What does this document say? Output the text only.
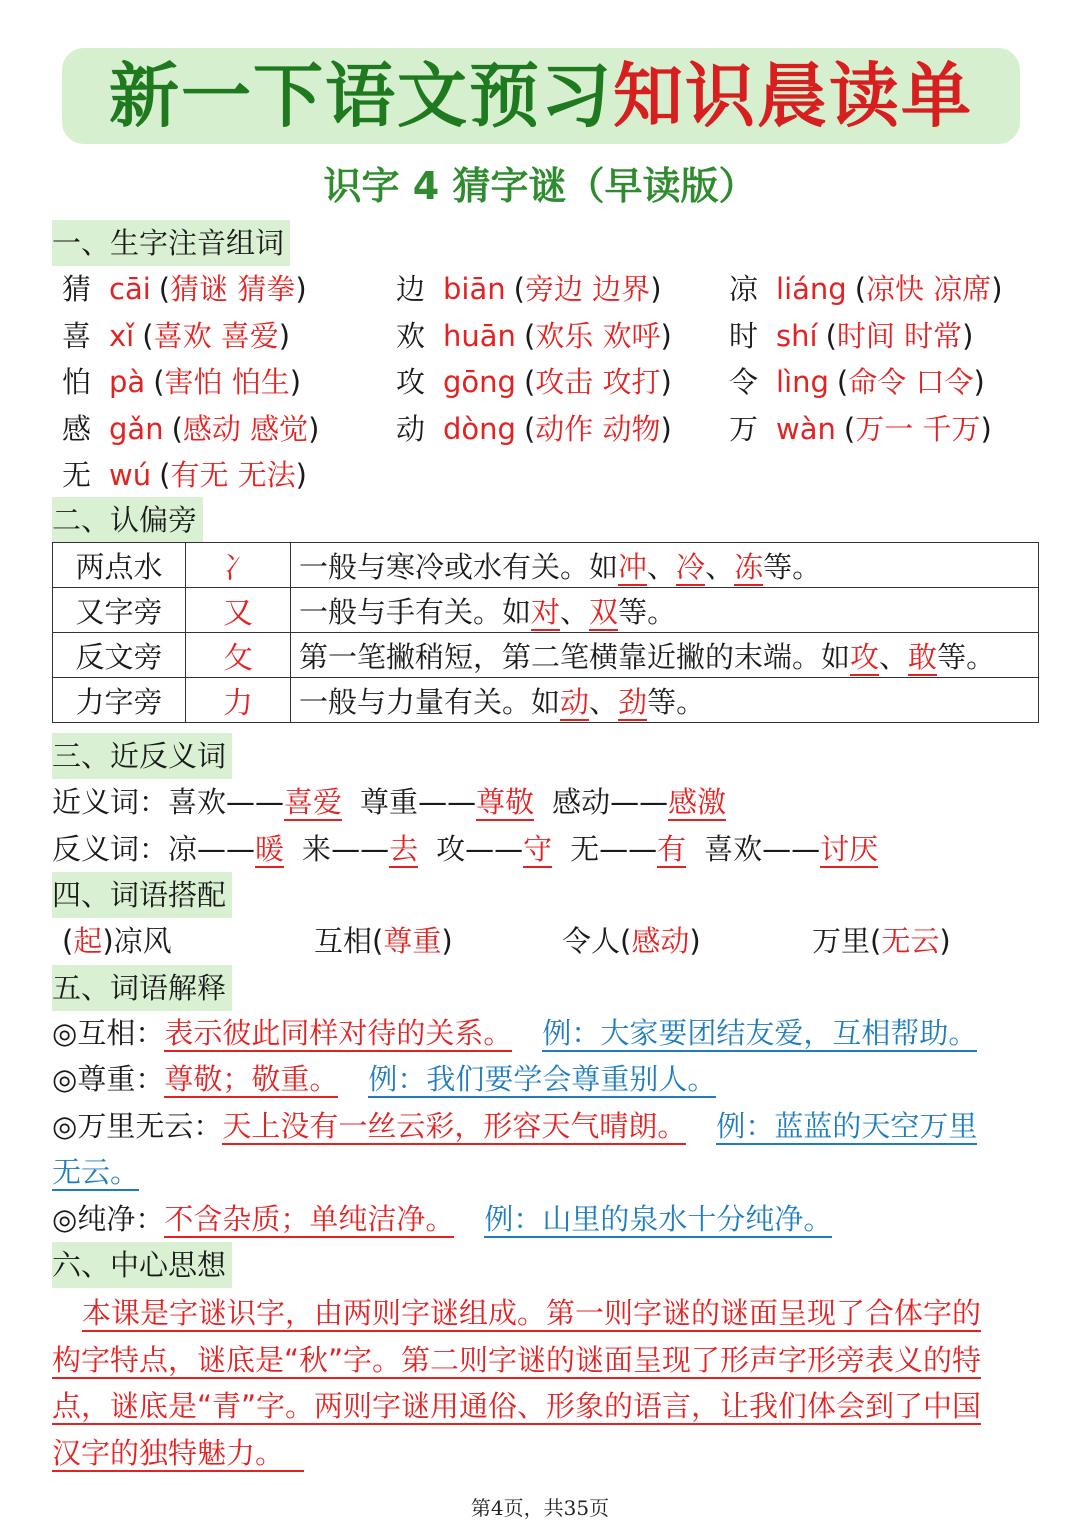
新一下语文预习知识晨读单
识字 4 猜字谜（早读版）
一、生字注音组词
猜 cāi (猜谜 猜拳)	边 biān (旁边 边界) 凉 liáng (凉快 凉席)
喜 xǐ (喜欢 喜爱)	欢 huān (欢乐 欢呼) 时 shí (时间 时常)
怕 pà (害怕 怕生)	攻 gōng (攻击 攻打) 令 lìng (命令 口令)
感 gǎn (感动 感觉)	动 dòng (动作 动物) 万 wàn (万一 千万)
无 wú (有无 无法)
二、认偏旁
两点水	冫	一般与寒冷或水有关。如冲、冷、冻等。
又字旁	又	一般与手有关。如对、双等。
反文旁	攵	第一笔撇稍短，第二笔横靠近撇的末端。如攻、敢等。
力字旁	力	一般与力量有关。如动、劲等。
三、近反义词
近义词：喜欢——喜爱 尊重——尊敬 感动——感激
反义词：凉——暖 来——去 攻——守 无——有 喜欢——讨厌
四、词语搭配
(起)凉风	互相(尊重)	令人(感动)	万里(无云)
五、词语解释
◎互相：表示彼此同样对待的关系。 例：大家要团结友爱，互相帮助。
◎尊重：尊敬；敬重。 例：我们要学会尊重别人。
◎万里无云：天上没有一丝云彩，形容天气晴朗。 例：蓝蓝的天空万里
无云。
◎纯净：不含杂质；单纯洁净。 例：山里的泉水十分纯净。
六、中心思想
本课是字谜识字，由两则字谜组成。第一则字谜的谜面呈现了合体字的
构字特点，谜底是“秋”字。第二则字谜的谜面呈现了形声字形旁表义的特
点，谜底是“青”字。两则字谜用通俗、形象的语言，让我们体会到了中国
汉字的独特魅力。
第4页，共35页
